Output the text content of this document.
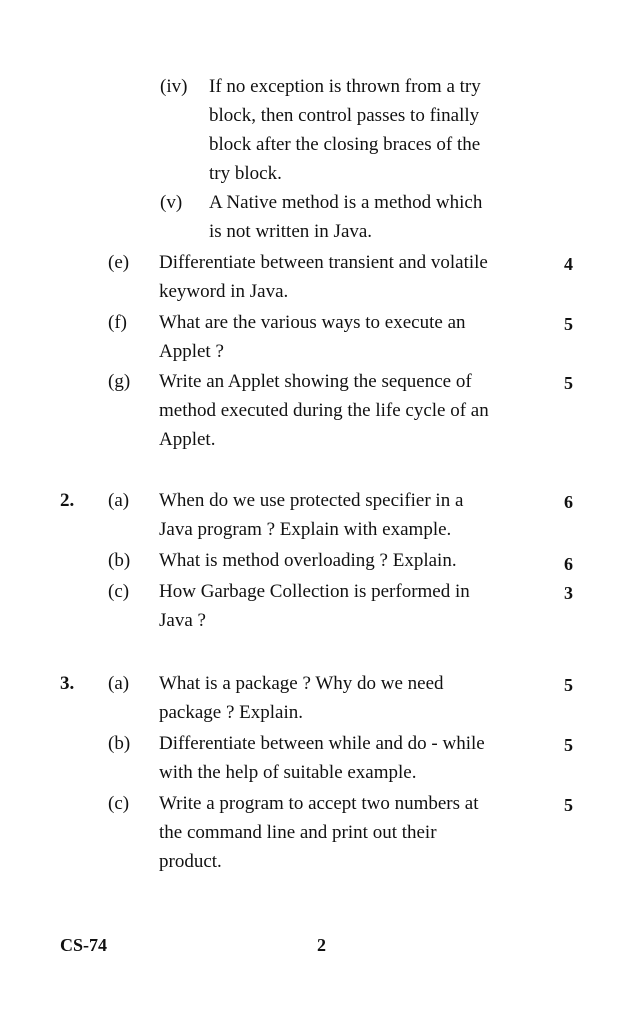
(iv) If no exception is thrown from a try
block, then control passes to finally
block after the closing braces of the
try block.
(v) A Native method is a method which
is not written in Java.
(e) Differentiate between transient and volatile
keyword in Java.
4
(f) What are the various ways to execute an
Applet ?
5
(g) Write an Applet showing the sequence of
method executed during the life cycle of an
Applet.
5
2. (a) When do we use protected specifier in a
Java program ? Explain with example.
6
(b) What is method overloading ? Explain.	6
(c) How Garbage Collection is performed in
Java ?
3
3. (a) What is a package ? Why do we need
package ? Explain.
5
(b) Differentiate between while and do - while
with the help of suitable example.
5
(c) Write a program to accept two numbers at
the command line and print out their
product.
5
CS-74	2
